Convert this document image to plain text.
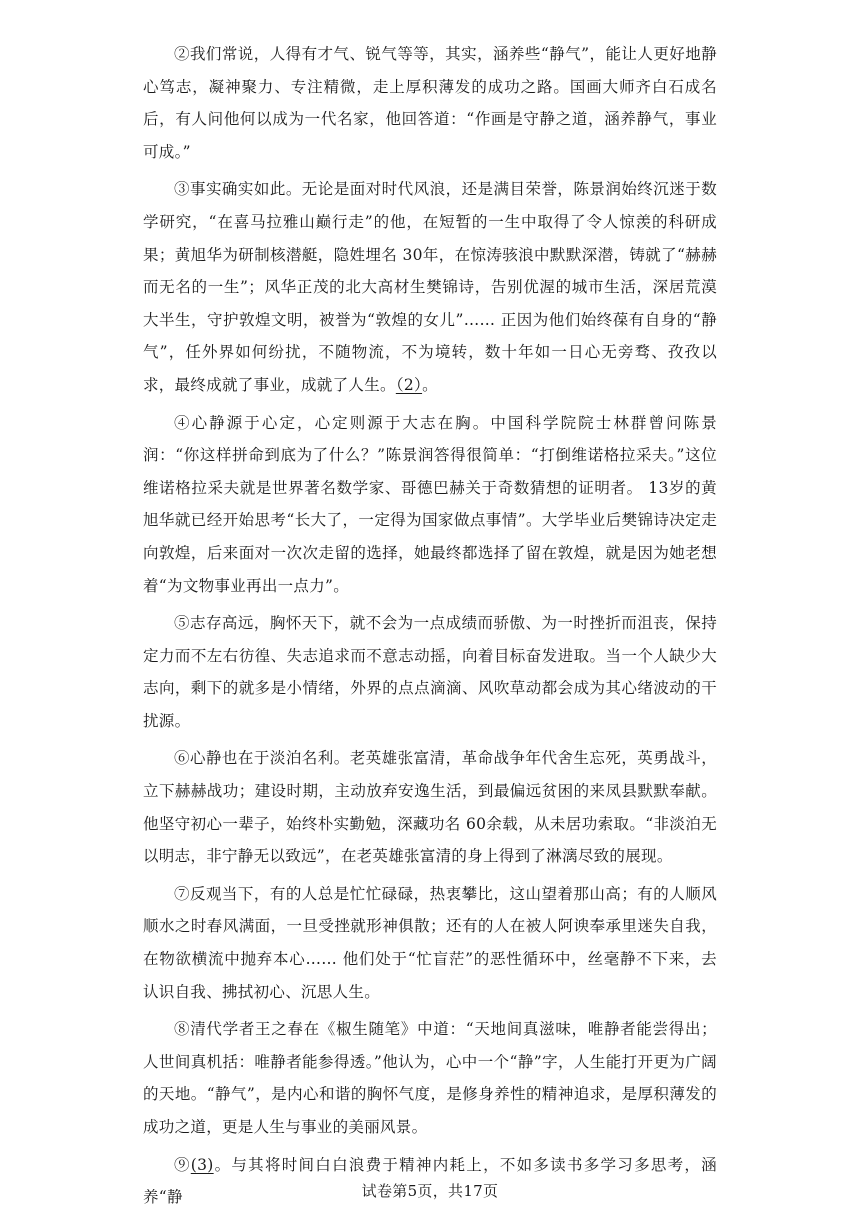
②我们常说，人得有才气、锐气等等，其实，涵养些“静气”，能让人更好地静心笃志，凝神聚力、专注精微，走上厚积薄发的成功之路。国画大师齐白石成名后，有人问他何以成为一代名家，他回答道：“作画是守静之道，涵养静气，事业可成。”

③事实确实如此。无论是面对时代风浪，还是满目荣誉，陈景润始终沉迷于数学研究，“在喜马拉雅山巅行走”的他，在短暂的一生中取得了令人惊羡的科研成果；黄旭华为研制核潜艇，隐姓埋名 30年，在惊涛骇浪中默默深潜，铸就了“赫赫而无名的一生”；风华正茂的北大高材生樊锦诗，告别优渥的城市生活，深居荒漠大半生，守护敦煌文明，被誉为“敦煌的女儿”…… 正因为他们始终葆有自身的“静气”，任外界如何纷扰，不随物流，不为境转，数十年如一日心无旁骛、孜孜以求，最终成就了事业，成就了人生。（2）。

④心静源于心定，心定则源于大志在胸。中国科学院院士林群曾问陈景润：“你这样拼命到底为了什么？”陈景润答得很简单：“打倒维诺格拉采夫。”这位维诺格拉采夫就是世界著名数学家、哥德巴赫关于奇数猜想的证明者。 13岁的黄旭华就已经开始思考“长大了，一定得为国家做点事情”。大学毕业后樊锦诗决定走向敦煌，后来面对一次次走留的选择，她最终都选择了留在敦煌，就是因为她老想着“为文物事业再出一点力”。

⑤志存高远，胸怀天下，就不会为一点成绩而骄傲、为一时挫折而沮丧，保持定力而不左右彷徨、失志追求而不意志动摇，向着目标奋发进取。当一个人缺少大志向，剩下的就多是小情绪，外界的点点滴滴、风吹草动都会成为其心绪波动的干扰源。

⑥心静也在于淡泊名利。老英雄张富清，革命战争年代舍生忘死，英勇战斗，立下赫赫战功；建设时期，主动放弃安逸生活，到最偏远贫困的来凤县默默奉献。他坚守初心一辈子，始终朴实勤勉，深藏功名 60余载，从未居功索取。“非淡泊无以明志，非宁静无以致远”，在老英雄张富清的身上得到了淋漓尽致的展现。

⑦反观当下，有的人总是忙忙碌碌，热衷攀比，这山望着那山高；有的人顺风顺水之时春风满面，一旦受挫就形神俱散；还有的人在被人阿谀奉承里迷失自我，在物欲横流中抛弃本心…… 他们处于“忙盲茫”的恶性循环中，丝毫静不下来，去认识自我、拂拭初心、沉思人生。

⑧清代学者王之春在《椒生随笔》中道：“天地间真滋味，唯静者能尝得出；人世间真机括：唯静者能参得透。”他认为，心中一个“静”字，人生能打开更为广阔的天地。“静气”，是内心和谐的胸怀气度，是修身养性的精神追求，是厚积薄发的成功之道，更是人生与事业的美丽风景。

⑨(3)。与其将时间白白浪费于精神内耗上，不如多读书多学习多思考，涵养“静	试卷第5页，共17页
